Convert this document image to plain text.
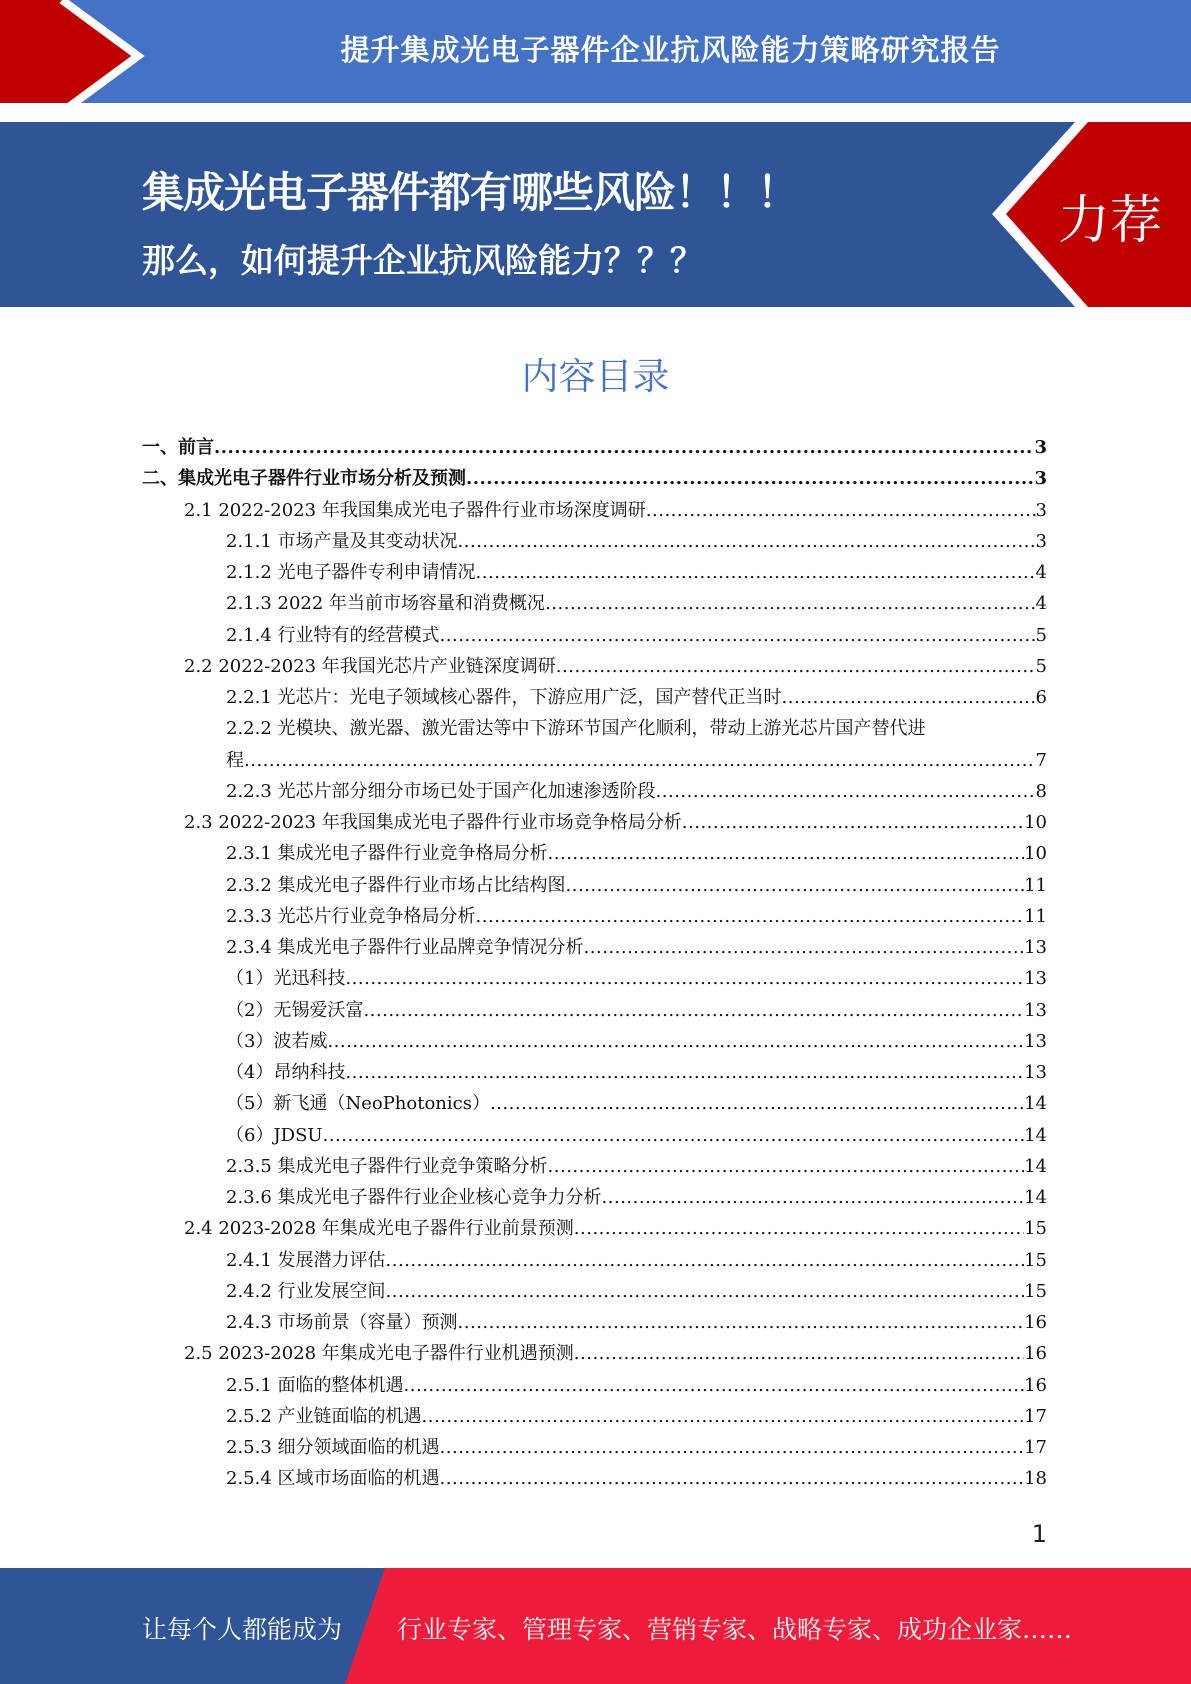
提升集成光电子器件企业抗风险能力策略研究报告
集成光电子器件都有哪些风险！！！
那么，如何提升企业抗风险能力？？？
力荐
内容目录
一、前言 .....	3
二、集成光电子器件行业市场分析及预测 .....	3
2.1 2022-2023 年我国集成光电子器件行业市场深度调研 .....	3
2.1.1 市场产量及其变动状况 .....	3
2.1.2 光电子器件专利申请情况 .....	4
2.1.3 2022 年当前市场容量和消费概况 .....	4
2.1.4 行业特有的经营模式 .....	5
2.2 2022-2023 年我国光芯片产业链深度调研 .....	5
2.2.1 光芯片：光电子领域核心器件，下游应用广泛，国产替代正当时 .....	6
2.2.2 光模块、激光器、激光雷达等中下游环节国产化顺利，带动上游光芯片国产替代进
程 .....	7
2.2.3 光芯片部分细分市场已处于国产化加速渗透阶段 .....	8
2.3 2022-2023 年我国集成光电子器件行业市场竞争格局分析 .....	10
2.3.1 集成光电子器件行业竞争格局分析 .....	10
2.3.2 集成光电子器件行业市场占比结构图 .....	11
2.3.3 光芯片行业竞争格局分析 .....	11
2.3.4 集成光电子器件行业品牌竞争情况分析 .....	13
（1）光迅科技 .....	13
（2）无锡爱沃富 .....	13
（3）波若威 .....	13
（4）昂纳科技 .....	13
（5）新飞通（NeoPhotonics） .....	14
（6）JDSU .....	14
2.3.5 集成光电子器件行业竞争策略分析 .....	14
2.3.6 集成光电子器件行业企业核心竞争力分析 .....	14
2.4 2023-2028 年集成光电子器件行业前景预测 .....	15
2.4.1 发展潜力评估 .....	15
2.4.2 行业发展空间 .....	15
2.4.3 市场前景（容量）预测 .....	16
2.5 2023-2028 年集成光电子器件行业机遇预测 .....	16
2.5.1 面临的整体机遇 .....	16
2.5.2 产业链面临的机遇 .....	17
2.5.3 细分领域面临的机遇 .....	17
2.5.4 区域市场面临的机遇 .....	18
1
让每个人都能成为 行业专家、管理专家、营销专家、战略专家、成功企业家……
